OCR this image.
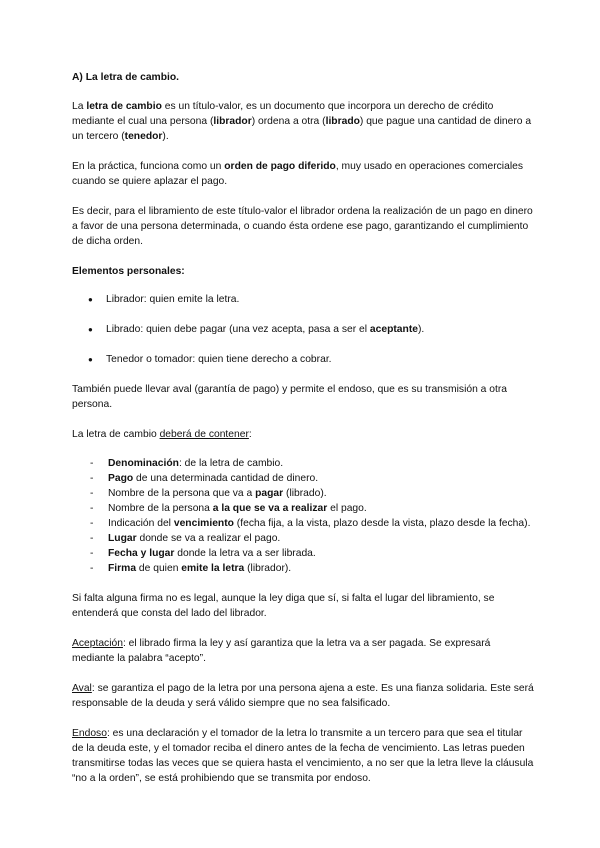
A) La letra de cambio.

La letra de cambio es un título-valor, es un documento que incorpora un derecho de crédito mediante el cual una persona (librador) ordena a otra (librado) que pague una cantidad de dinero a un tercero (tenedor).

En la práctica, funciona como un orden de pago diferido, muy usado en operaciones comerciales cuando se quiere aplazar el pago.

Es decir, para el libramiento de este título-valor el librador ordena la realización de un pago en dinero a favor de una persona determinada, o cuando ésta ordene ese pago, garantizando el cumplimiento de dicha orden.

Elementos personales:

● Librador: quien emite la letra.
● Librado: quien debe pagar (una vez acepta, pasa a ser el aceptante).
● Tenedor o tomador: quien tiene derecho a cobrar.

También puede llevar aval (garantía de pago) y permite el endoso, que es su transmisión a otra persona.

La letra de cambio deberá de contener:

- Denominación: de la letra de cambio.
- Pago de una determinada cantidad de dinero.
- Nombre de la persona que va a pagar (librado).
- Nombre de la persona a la que se va a realizar el pago.
- Indicación del vencimiento (fecha fija, a la vista, plazo desde la vista, plazo desde la fecha).
- Lugar donde se va a realizar el pago.
- Fecha y lugar donde la letra va a ser librada.
- Firma de quien emite la letra (librador).

Si falta alguna firma no es legal, aunque la ley diga que sí, si falta el lugar del libramiento, se entenderá que consta del lado del librador.

Aceptación: el librado firma la ley y así garantiza que la letra va a ser pagada. Se expresará mediante la palabra “acepto”.

Aval: se garantiza el pago de la letra por una persona ajena a este. Es una fianza solidaria. Este será responsable de la deuda y será válido siempre que no sea falsificado.

Endoso: es una declaración y el tomador de la letra lo transmite a un tercero para que sea el titular de la deuda este, y el tomador reciba el dinero antes de la fecha de vencimiento. Las letras pueden transmitirse todas las veces que se quiera hasta el vencimiento, a no ser que la letra lleve la cláusula “no a la orden”, se está prohibiendo que se transmita por endoso.
